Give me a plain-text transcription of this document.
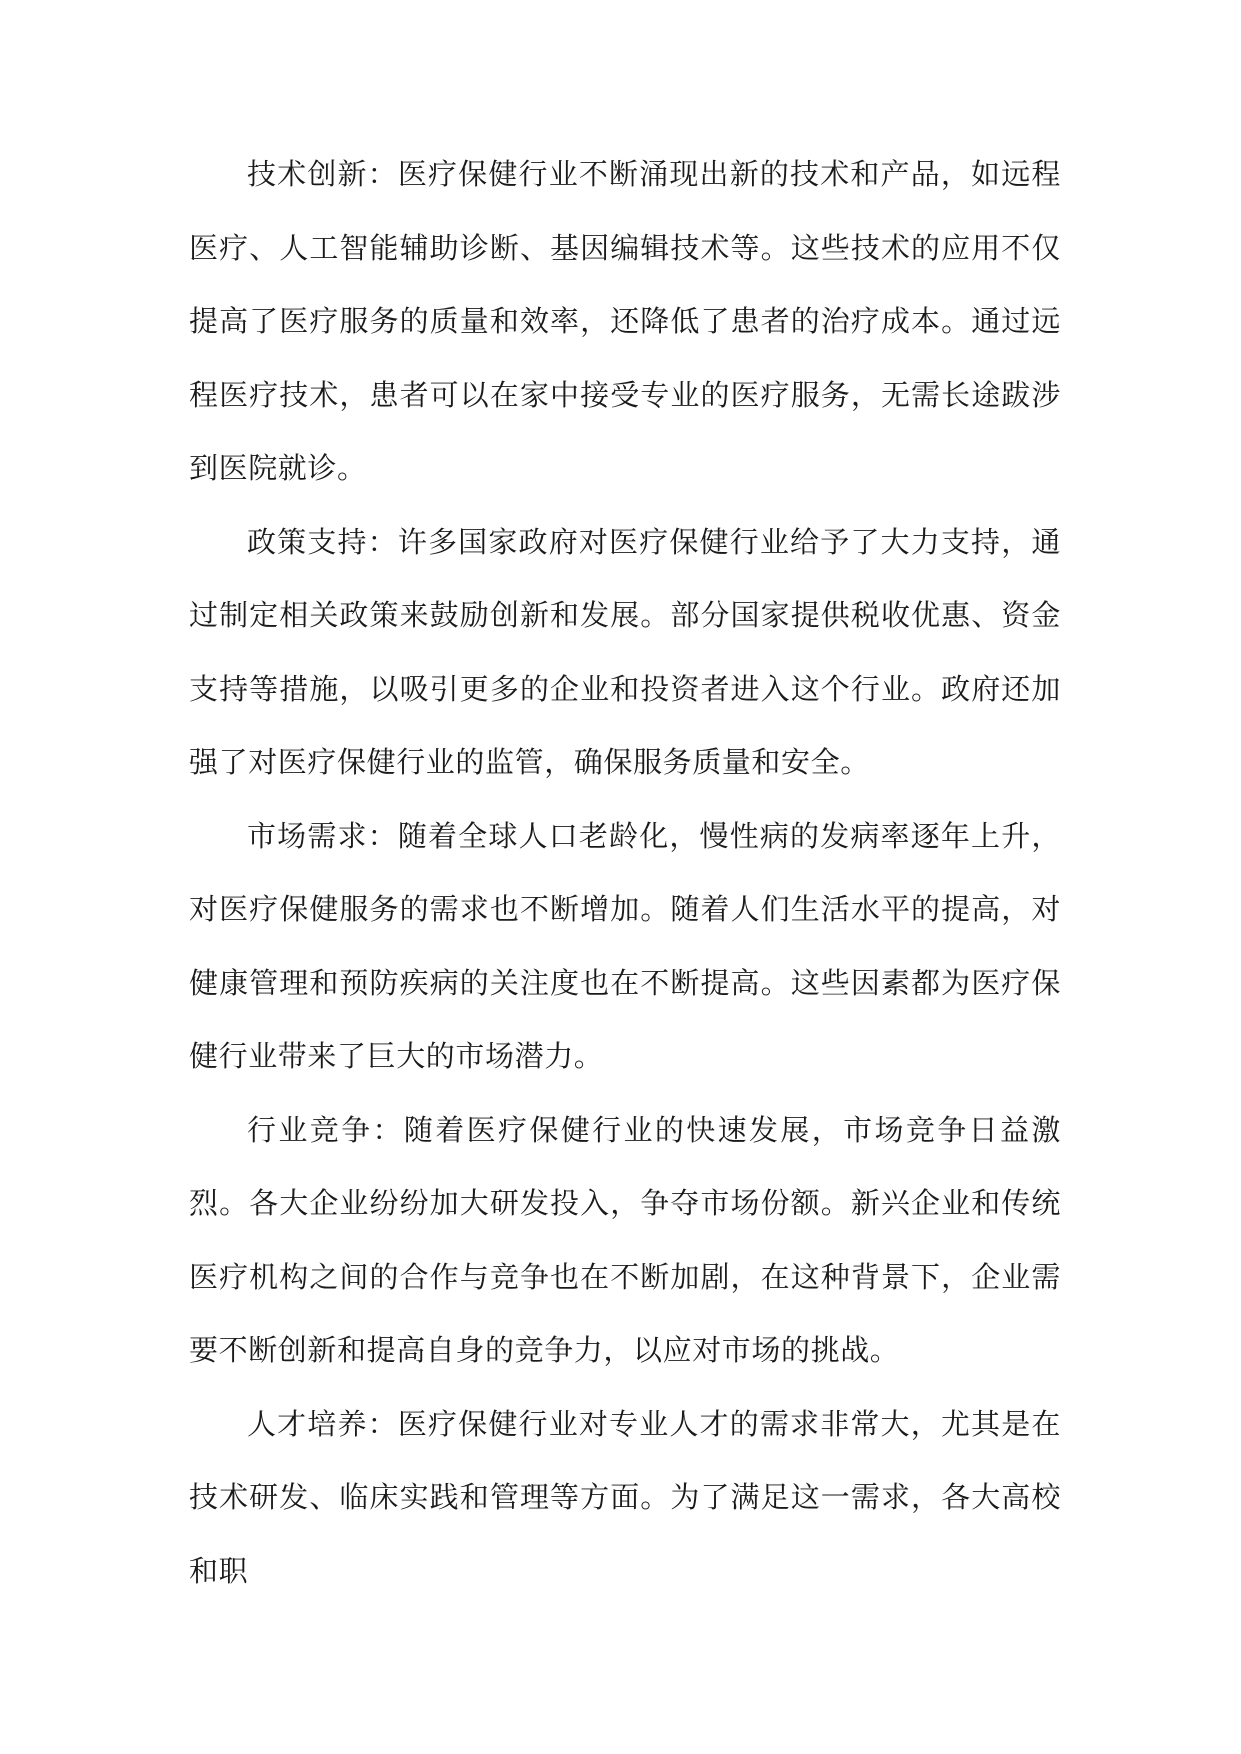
技术创新：医疗保健行业不断涌现出新的技术和产品，如远程医疗、人工智能辅助诊断、基因编辑技术等。这些技术的应用不仅提高了医疗服务的质量和效率，还降低了患者的治疗成本。通过远程医疗技术，患者可以在家中接受专业的医疗服务，无需长途跋涉到医院就诊。

政策支持：许多国家政府对医疗保健行业给予了大力支持，通过制定相关政策来鼓励创新和发展。部分国家提供税收优惠、资金支持等措施，以吸引更多的企业和投资者进入这个行业。政府还加强了对医疗保健行业的监管，确保服务质量和安全。

市场需求：随着全球人口老龄化，慢性病的发病率逐年上升，对医疗保健服务的需求也不断增加。随着人们生活水平的提高，对健康管理和预防疾病的关注度也在不断提高。这些因素都为医疗保健行业带来了巨大的市场潜力。

行业竞争：随着医疗保健行业的快速发展，市场竞争日益激烈。各大企业纷纷加大研发投入，争夺市场份额。新兴企业和传统医疗机构之间的合作与竞争也在不断加剧，在这种背景下，企业需要不断创新和提高自身的竞争力，以应对市场的挑战。

人才培养：医疗保健行业对专业人才的需求非常大，尤其是在技术研发、临床实践和管理等方面。为了满足这一需求，各大高校和职
